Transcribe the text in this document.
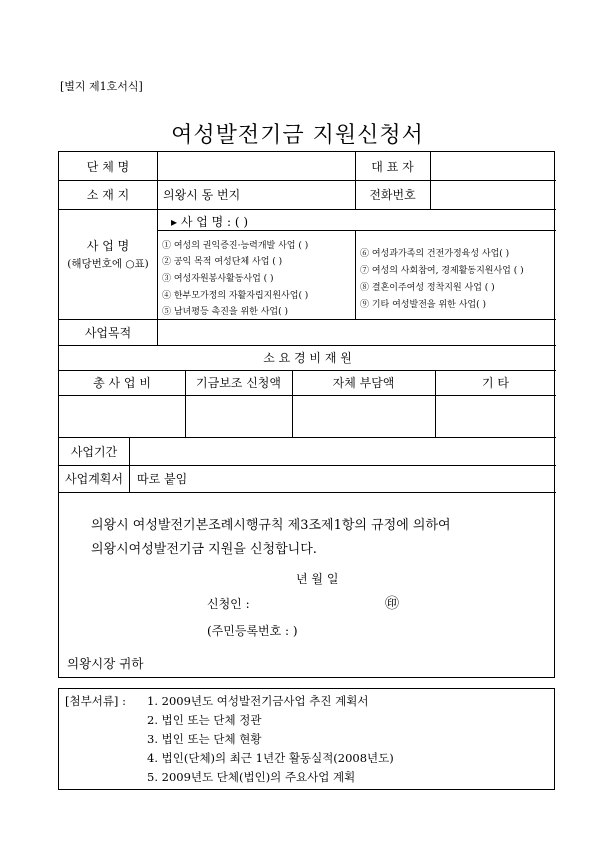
[별지 제1호서식]
여성발전기금 지원신청서
단 체 명	대 표 자
소 재 지	의왕시 동 번지	전화번호
사 업 명
(해당번호에 ○표)
▸ 사 업 명 : ( )
① 여성의 권익증진·능력개발 사업 ( )
② 공익 목적 여성단체 사업 ( )
③ 여성자원봉사활동사업 ( )
④ 한부모가정의 자활자립지원사업( )
⑤ 남녀평등 촉진을 위한 사업( )
⑥ 여성과가족의 건전가정육성 사업( )
⑦ 여성의 사회참여, 경제활동지원사업 ( )
⑧ 결혼이주여성 정착지원 사업 ( )
⑨ 기타 여성발전을 위한 사업( )
사업목적
소 요 경 비 재 원
총 사 업 비	기금보조 신청액	자체 부담액	기 타
사업기간
사업계획서	따로 붙임
의왕시 여성발전기본조례시행규칙 제3조제1항의 규정에 의하여
의왕시여성발전기금 지원을 신청합니다.
년 월 일
신청인 :	㊞
(주민등록번호 : )
의왕시장 귀하
[첨부서류] : 1. 2009년도 여성발전기금사업 추진 계획서
2. 법인 또는 단체 정관
3. 법인 또는 단체 현황
4. 법인(단체)의 최근 1년간 활동실적(2008년도)
5. 2009년도 단체(법인)의 주요사업 계획
